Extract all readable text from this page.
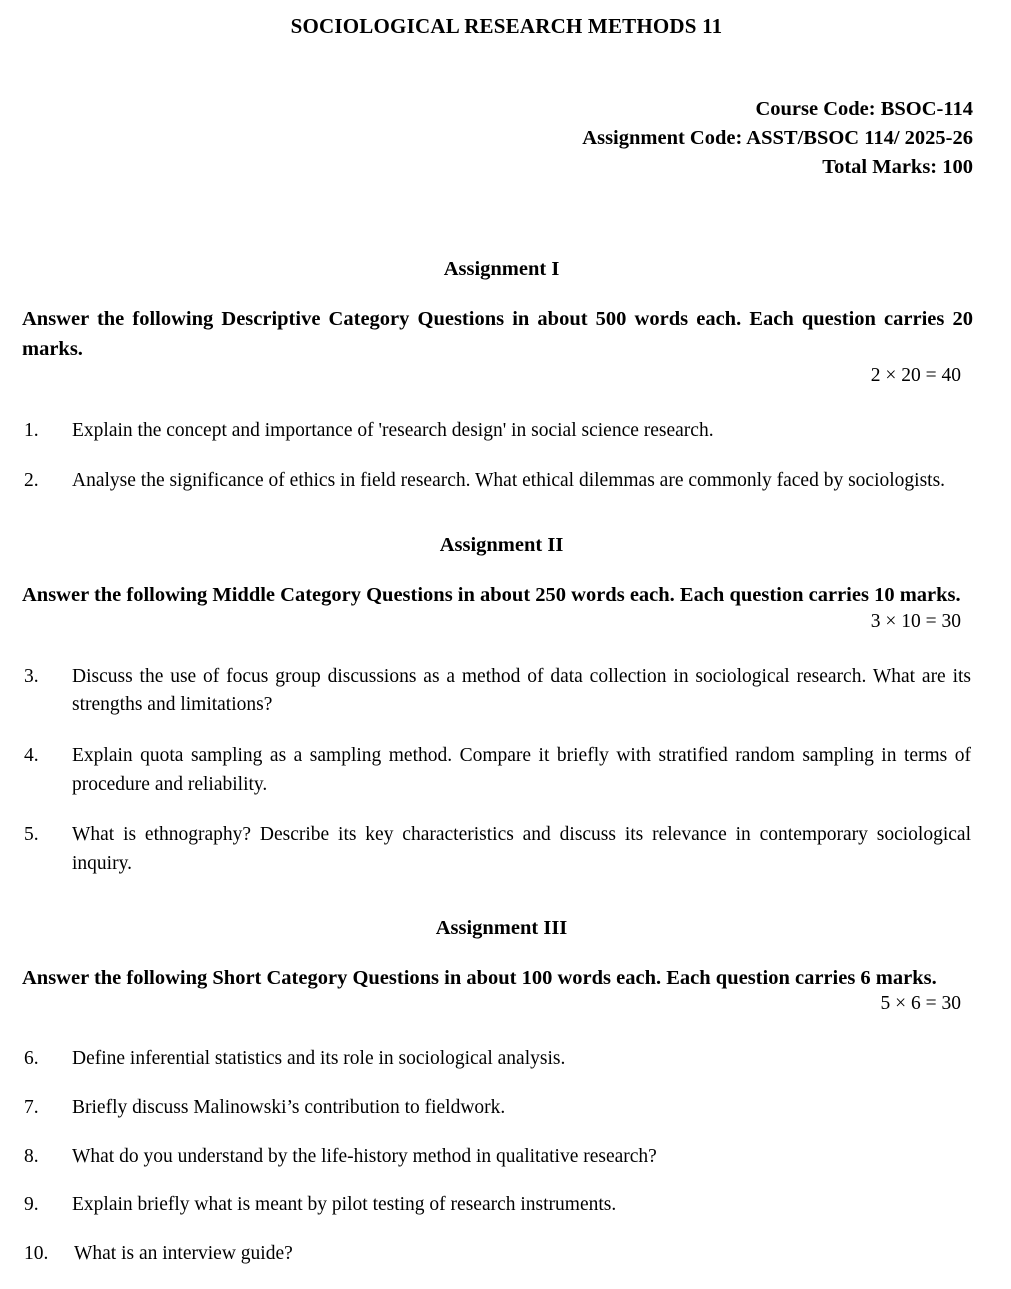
SOCIOLOGICAL RESEARCH METHODS 11
Course Code: BSOC-114
Assignment Code: ASST/BSOC 114/ 2025-26
Total Marks: 100
Assignment I
Answer the following Descriptive Category Questions in about 500 words each. Each question carries 20 marks.
2 × 20 = 40
1.	Explain the concept and importance of 'research design' in social science research.
2.	Analyse the significance of ethics in field research. What ethical dilemmas are commonly faced by sociologists.
Assignment II
Answer the following Middle Category Questions in about 250 words each. Each question carries 10 marks.
3 × 10 = 30
3.	Discuss the use of focus group discussions as a method of data collection in sociological research. What are its strengths and limitations?
4.	Explain quota sampling as a sampling method. Compare it briefly with stratified random sampling in terms of procedure and reliability.
5.	What is ethnography? Describe its key characteristics and discuss its relevance in contemporary sociological inquiry.
Assignment III
Answer the following Short Category Questions in about 100 words each. Each question carries 6 marks.
5 × 6 = 30
6.	Define inferential statistics and its role in sociological analysis.
7.	Briefly discuss Malinowski’s contribution to fieldwork.
8.	What do you understand by the life-history method in qualitative research?
9.	Explain briefly what is meant by pilot testing of research instruments.
10.	What is an interview guide?
